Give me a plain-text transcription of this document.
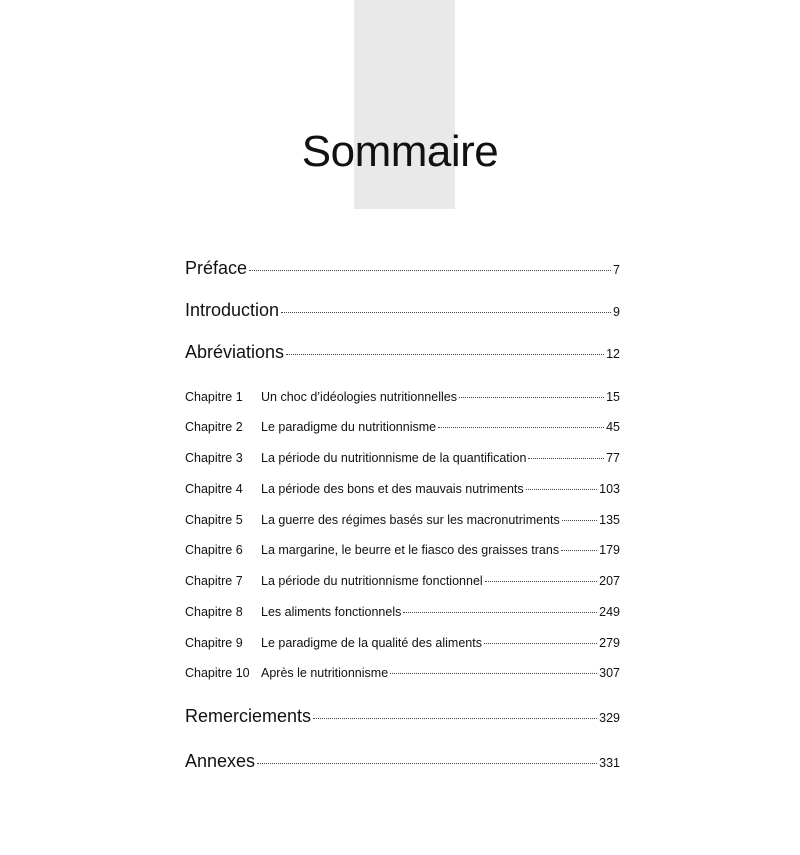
Sommaire
Préface	7
Introduction	9
Abréviations	12
Chapitre 1	Un choc d’idéologies nutritionnelles	15
Chapitre 2	Le paradigme du nutritionnisme	45
Chapitre 3	La période du nutritionnisme de la quantification	77
Chapitre 4	La période des bons et des mauvais nutriments	103
Chapitre 5	La guerre des régimes basés sur les macronutriments	135
Chapitre 6	La margarine, le beurre et le fiasco des graisses trans	179
Chapitre 7	La période du nutritionnisme fonctionnel	207
Chapitre 8	Les aliments fonctionnels	249
Chapitre 9	Le paradigme de la qualité des aliments	279
Chapitre 10 Après le nutritionnisme	307
Remerciements	329
Annexes	331
